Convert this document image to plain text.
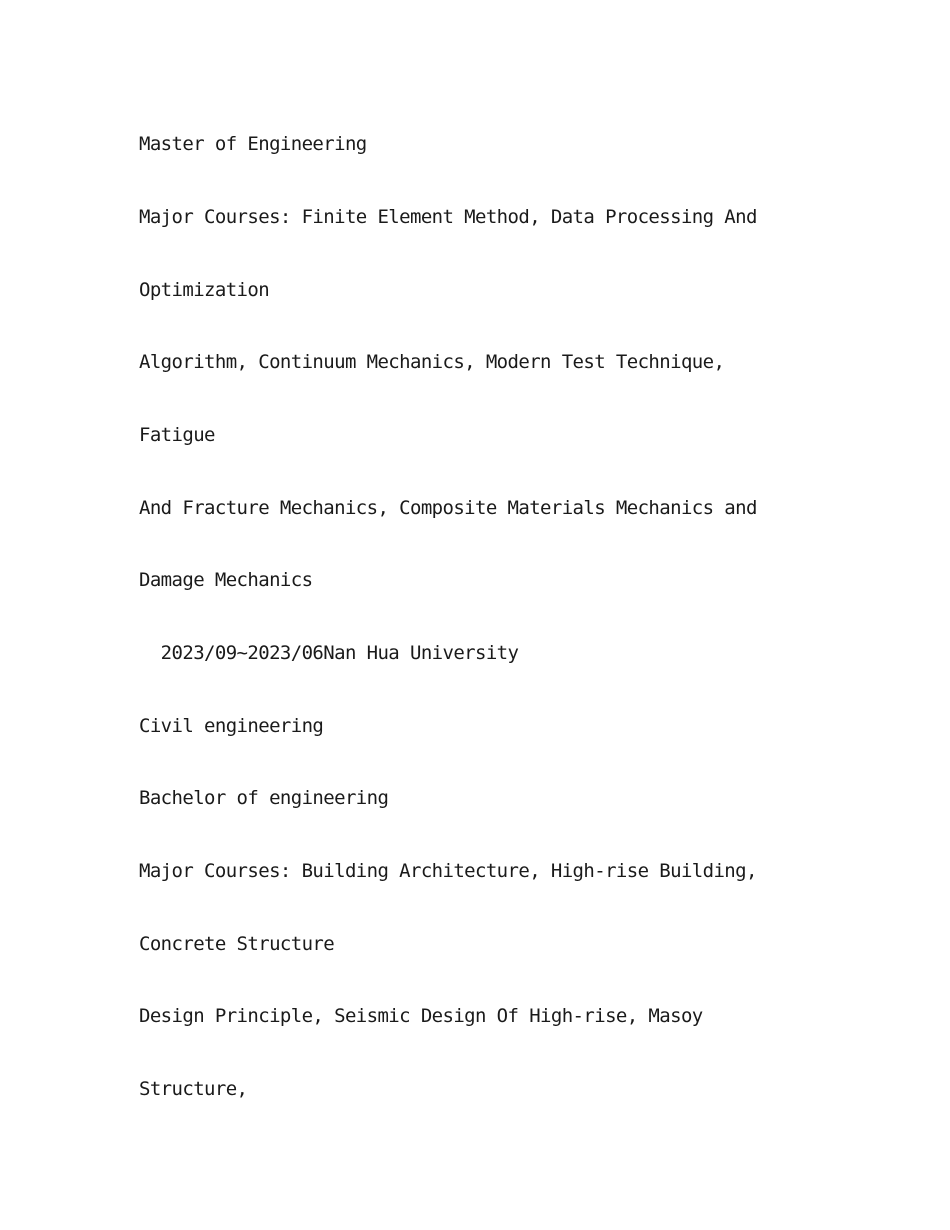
Master of Engineering
Major Courses: Finite Element Method, Data Processing And
Optimization
Algorithm, Continuum Mechanics, Modern Test Technique,
Fatigue
And Fracture Mechanics, Composite Materials Mechanics and
Damage Mechanics
2023/09~2023/06Nan Hua University
Civil engineering
Bachelor of engineering
Major Courses: Building Architecture, High-rise Building,
Concrete Structure
Design Principle, Seismic Design Of High-rise, Masoy
Structure,
